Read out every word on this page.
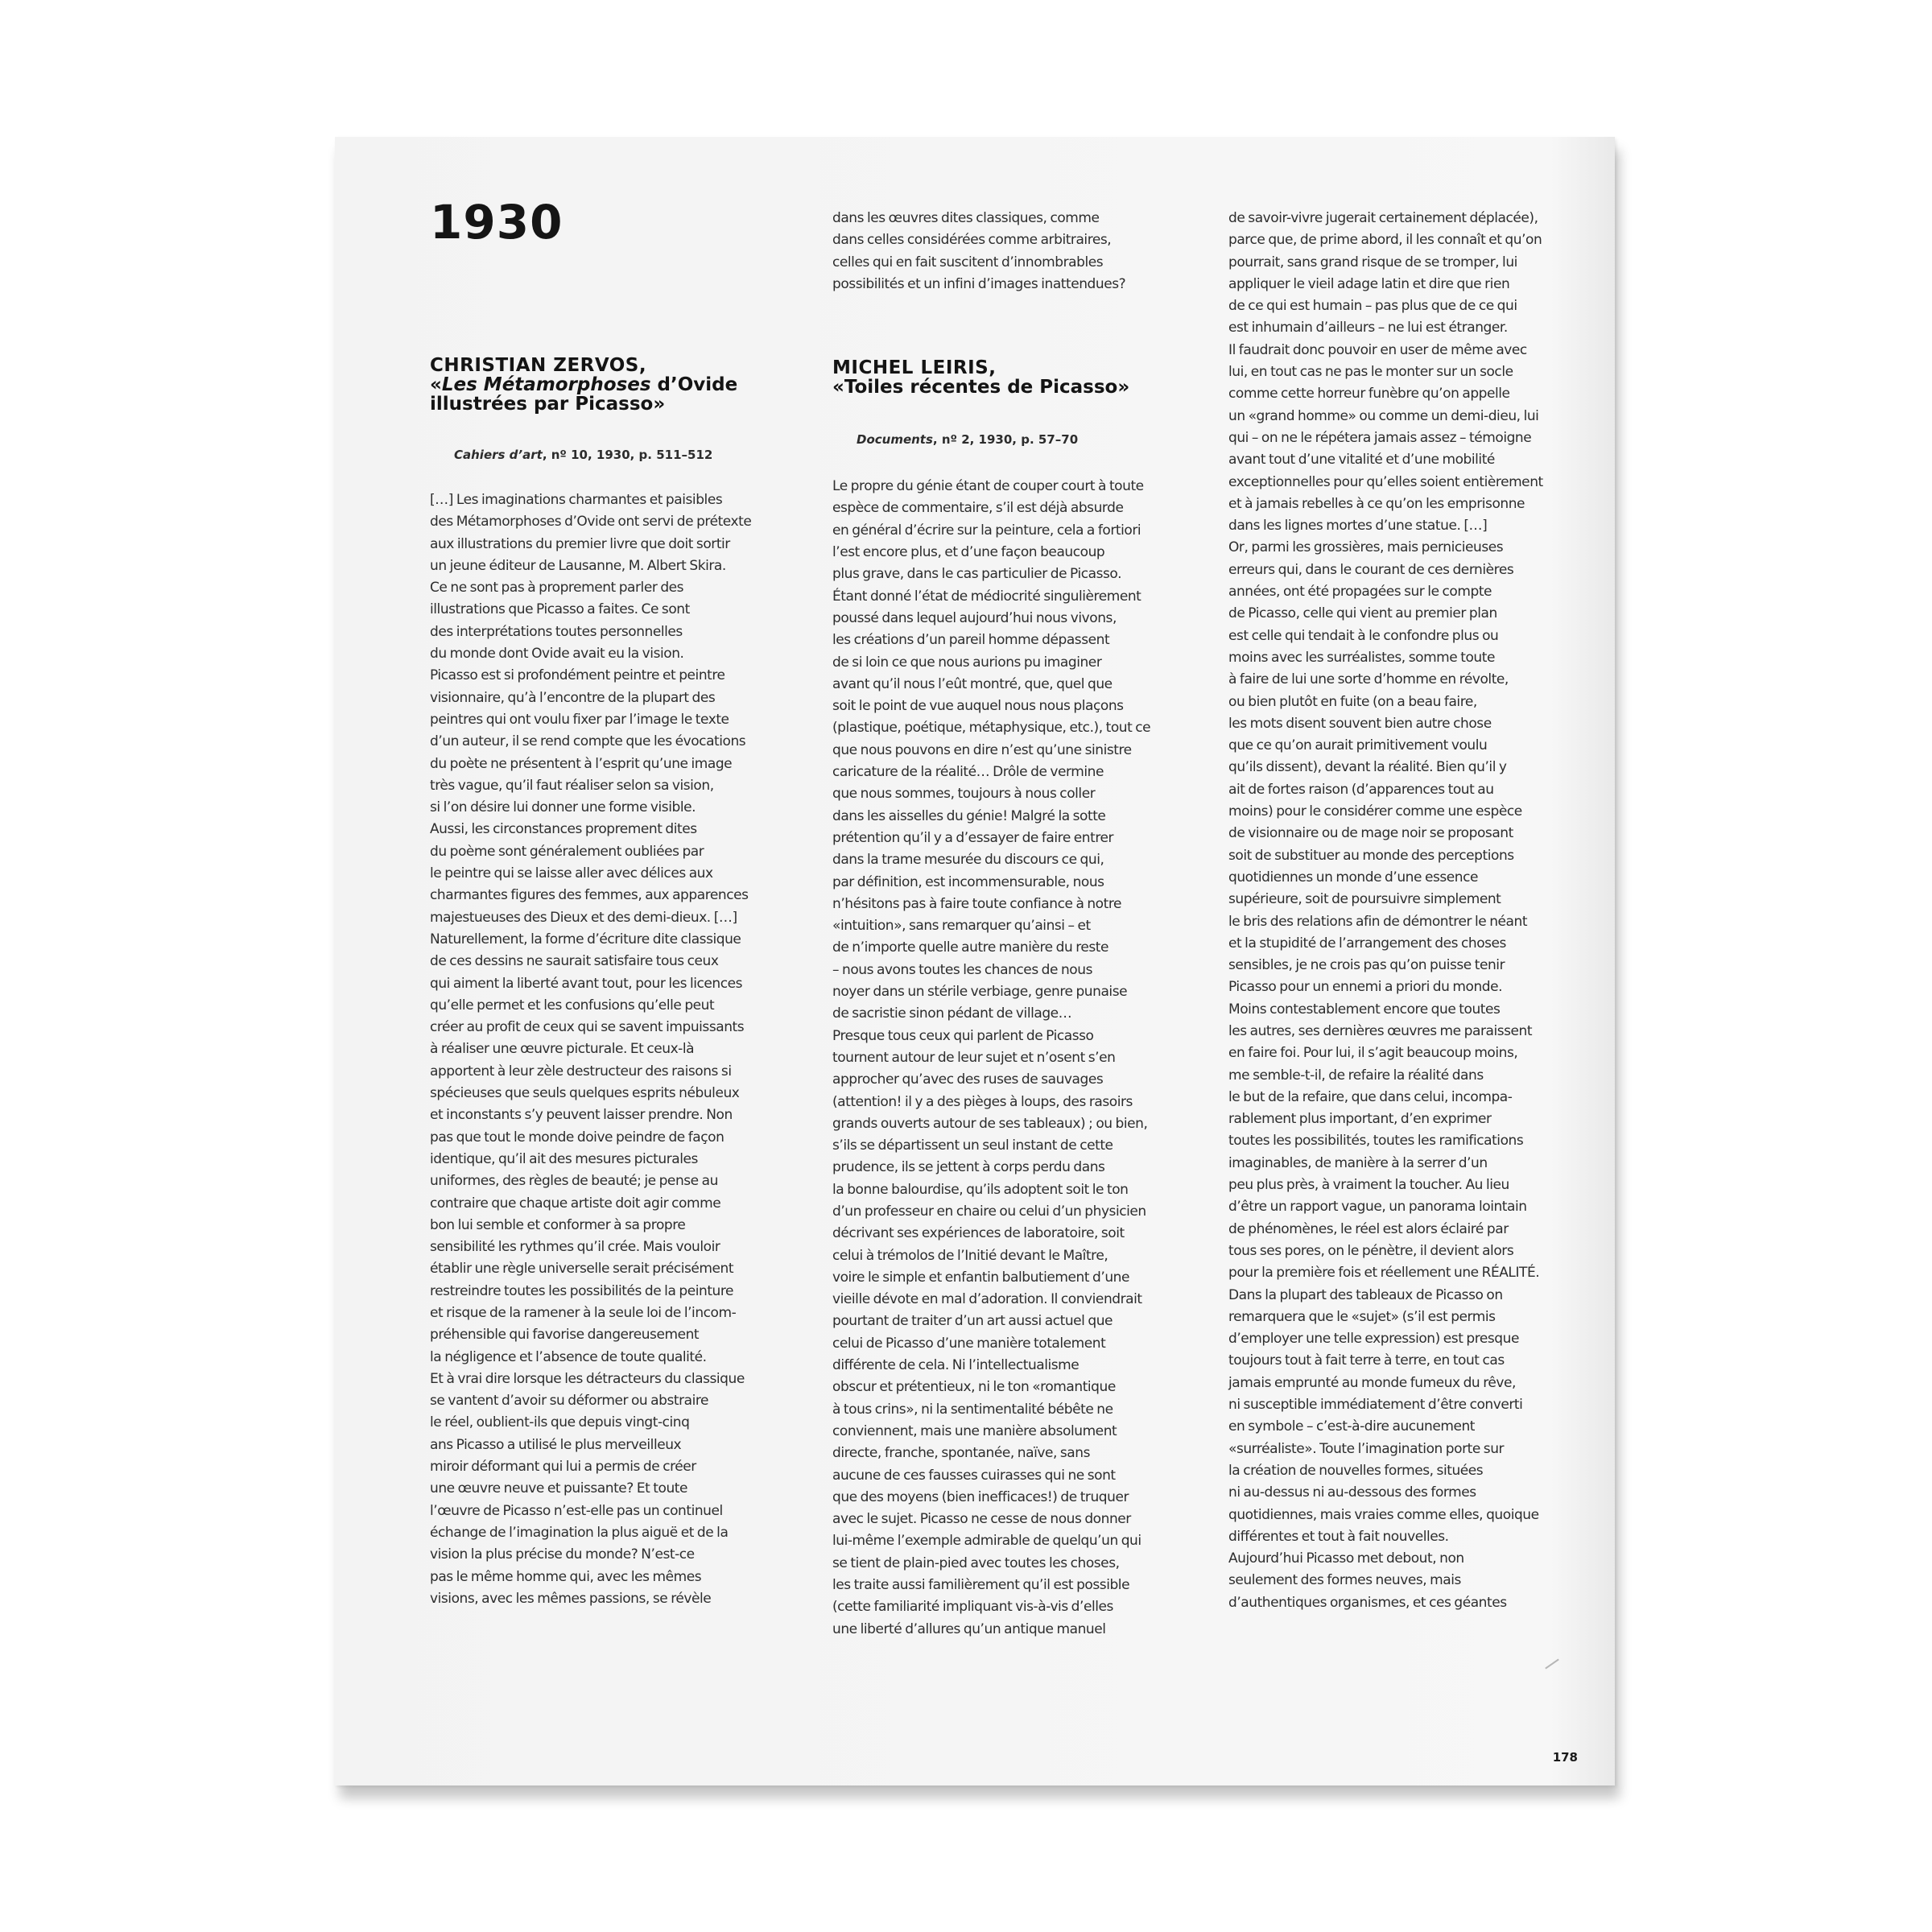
1930
CHRISTIAN ZERVOS,
«Les Métamorphoses d’Ovide illustrées par Picasso»
Cahiers d’art, nº 10, 1930, p. 511–512
[…] Les imaginations charmantes et paisibles
des Métamorphoses d’Ovide ont servi de prétexte
aux illustrations du premier livre que doit sortir
un jeune éditeur de Lausanne, M. Albert Skira.
Ce ne sont pas à proprement parler des
illustrations que Picasso a faites. Ce sont
des interprétations toutes personnelles
du monde dont Ovide avait eu la vision.
Picasso est si profondément peintre et peintre
visionnaire, qu’à l’encontre de la plupart des
peintres qui ont voulu fixer par l’image le texte
d’un auteur, il se rend compte que les évocations
du poète ne présentent à l’esprit qu’une image
très vague, qu’il faut réaliser selon sa vision,
si l’on désire lui donner une forme visible.
Aussi, les circonstances proprement dites
du poème sont généralement oubliées par
le peintre qui se laisse aller avec délices aux
charmantes figures des femmes, aux apparences
majestueuses des Dieux et des demi-dieux. […]
Naturellement, la forme d’écriture dite classique
de ces dessins ne saurait satisfaire tous ceux
qui aiment la liberté avant tout, pour les licences
qu’elle permet et les confusions qu’elle peut
créer au profit de ceux qui se savent impuissants
à réaliser une œuvre picturale. Et ceux-là
apportent à leur zèle destructeur des raisons si
spécieuses que seuls quelques esprits nébuleux
et inconstants s’y peuvent laisser prendre. Non
pas que tout le monde doive peindre de façon
identique, qu’il ait des mesures picturales
uniformes, des règles de beauté; je pense au
contraire que chaque artiste doit agir comme
bon lui semble et conformer à sa propre
sensibilité les rythmes qu’il crée. Mais vouloir
établir une règle universelle serait précisément
restreindre toutes les possibilités de la peinture
et risque de la ramener à la seule loi de l’incom-
préhensible qui favorise dangereusement
la négligence et l’absence de toute qualité.
Et à vrai dire lorsque les détracteurs du classique
se vantent d’avoir su déformer ou abstraire
le réel, oublient-ils que depuis vingt-cinq
ans Picasso a utilisé le plus merveilleux
miroir déformant qui lui a permis de créer
une œuvre neuve et puissante? Et toute
l’œuvre de Picasso n’est-elle pas un continuel
échange de l’imagination la plus aiguë et de la
vision la plus précise du monde? N’est-ce
pas le même homme qui, avec les mêmes
visions, avec les mêmes passions, se révèle
dans les œuvres dites classiques, comme
dans celles considérées comme arbitraires,
celles qui en fait suscitent d’innombrables
possibilités et un infini d’images inattendues?
MICHEL LEIRIS,
«Toiles récentes de Picasso»
Documents, nº 2, 1930, p. 57–70
Le propre du génie étant de couper court à toute
espèce de commentaire, s’il est déjà absurde
en général d’écrire sur la peinture, cela a fortiori
l’est encore plus, et d’une façon beaucoup
plus grave, dans le cas particulier de Picasso.
Étant donné l’état de médiocrité singulièrement
poussé dans lequel aujourd’hui nous vivons,
les créations d’un pareil homme dépassent
de si loin ce que nous aurions pu imaginer
avant qu’il nous l’eût montré, que, quel que
soit le point de vue auquel nous nous plaçons
(plastique, poétique, métaphysique, etc.), tout ce
que nous pouvons en dire n’est qu’une sinistre
caricature de la réalité… Drôle de vermine
que nous sommes, toujours à nous coller
dans les aisselles du génie! Malgré la sotte
prétention qu’il y a d’essayer de faire entrer
dans la trame mesurée du discours ce qui,
par définition, est incommensurable, nous
n’hésitons pas à faire toute confiance à notre
«intuition», sans remarquer qu’ainsi – et
de n’importe quelle autre manière du reste
– nous avons toutes les chances de nous
noyer dans un stérile verbiage, genre punaise
de sacristie sinon pédant de village…
Presque tous ceux qui parlent de Picasso
tournent autour de leur sujet et n’osent s’en
approcher qu’avec des ruses de sauvages
(attention! il y a des pièges à loups, des rasoirs
grands ouverts autour de ses tableaux) ; ou bien,
s’ils se départissent un seul instant de cette
prudence, ils se jettent à corps perdu dans
la bonne balourdise, qu’ils adoptent soit le ton
d’un professeur en chaire ou celui d’un physicien
décrivant ses expériences de laboratoire, soit
celui à trémolos de l’Initié devant le Maître,
voire le simple et enfantin balbutiement d’une
vieille dévote en mal d’adoration. Il conviendrait
pourtant de traiter d’un art aussi actuel que
celui de Picasso d’une manière totalement
différente de cela. Ni l’intellectualisme
obscur et prétentieux, ni le ton «romantique
à tous crins», ni la sentimentalité bébête ne
conviennent, mais une manière absolument
directe, franche, spontanée, naïve, sans
aucune de ces fausses cuirasses qui ne sont
que des moyens (bien inefficaces!) de truquer
avec le sujet. Picasso ne cesse de nous donner
lui-même l’exemple admirable de quelqu’un qui
se tient de plain-pied avec toutes les choses,
les traite aussi familièrement qu’il est possible
(cette familiarité impliquant vis-à-vis d’elles
une liberté d’allures qu’un antique manuel
de savoir-vivre jugerait certainement déplacée),
parce que, de prime abord, il les connaît et qu’on
pourrait, sans grand risque de se tromper, lui
appliquer le vieil adage latin et dire que rien
de ce qui est humain – pas plus que de ce qui
est inhumain d’ailleurs – ne lui est étranger.
Il faudrait donc pouvoir en user de même avec
lui, en tout cas ne pas le monter sur un socle
comme cette horreur funèbre qu’on appelle
un «grand homme» ou comme un demi-dieu, lui
qui – on ne le répétera jamais assez – témoigne
avant tout d’une vitalité et d’une mobilité
exceptionnelles pour qu’elles soient entièrement
et à jamais rebelles à ce qu’on les emprisonne
dans les lignes mortes d’une statue. […]
Or, parmi les grossières, mais pernicieuses
erreurs qui, dans le courant de ces dernières
années, ont été propagées sur le compte
de Picasso, celle qui vient au premier plan
est celle qui tendait à le confondre plus ou
moins avec les surréalistes, somme toute
à faire de lui une sorte d’homme en révolte,
ou bien plutôt en fuite (on a beau faire,
les mots disent souvent bien autre chose
que ce qu’on aurait primitivement voulu
qu’ils dissent), devant la réalité. Bien qu’il y
ait de fortes raison (d’apparences tout au
moins) pour le considérer comme une espèce
de visionnaire ou de mage noir se proposant
soit de substituer au monde des perceptions
quotidiennes un monde d’une essence
supérieure, soit de poursuivre simplement
le bris des relations afin de démontrer le néant
et la stupidité de l’arrangement des choses
sensibles, je ne crois pas qu’on puisse tenir
Picasso pour un ennemi a priori du monde.
Moins contestablement encore que toutes
les autres, ses dernières œuvres me paraissent
en faire foi. Pour lui, il s’agit beaucoup moins,
me semble-t-il, de refaire la réalité dans
le but de la refaire, que dans celui, incompa-
rablement plus important, d’en exprimer
toutes les possibilités, toutes les ramifications
imaginables, de manière à la serrer d’un
peu plus près, à vraiment la toucher. Au lieu
d’être un rapport vague, un panorama lointain
de phénomènes, le réel est alors éclairé par
tous ses pores, on le pénètre, il devient alors
pour la première fois et réellement une RÉALITÉ.
Dans la plupart des tableaux de Picasso on
remarquera que le «sujet» (s’il est permis
d’employer une telle expression) est presque
toujours tout à fait terre à terre, en tout cas
jamais emprunté au monde fumeux du rêve,
ni susceptible immédiatement d’être converti
en symbole – c’est-à-dire aucunement
«surréaliste». Toute l’imagination porte sur
la création de nouvelles formes, situées
ni au-dessus ni au-dessous des formes
quotidiennes, mais vraies comme elles, quoique
différentes et tout à fait nouvelles.
Aujourd’hui Picasso met debout, non
seulement des formes neuves, mais
d’authentiques organismes, et ces géantes
178
